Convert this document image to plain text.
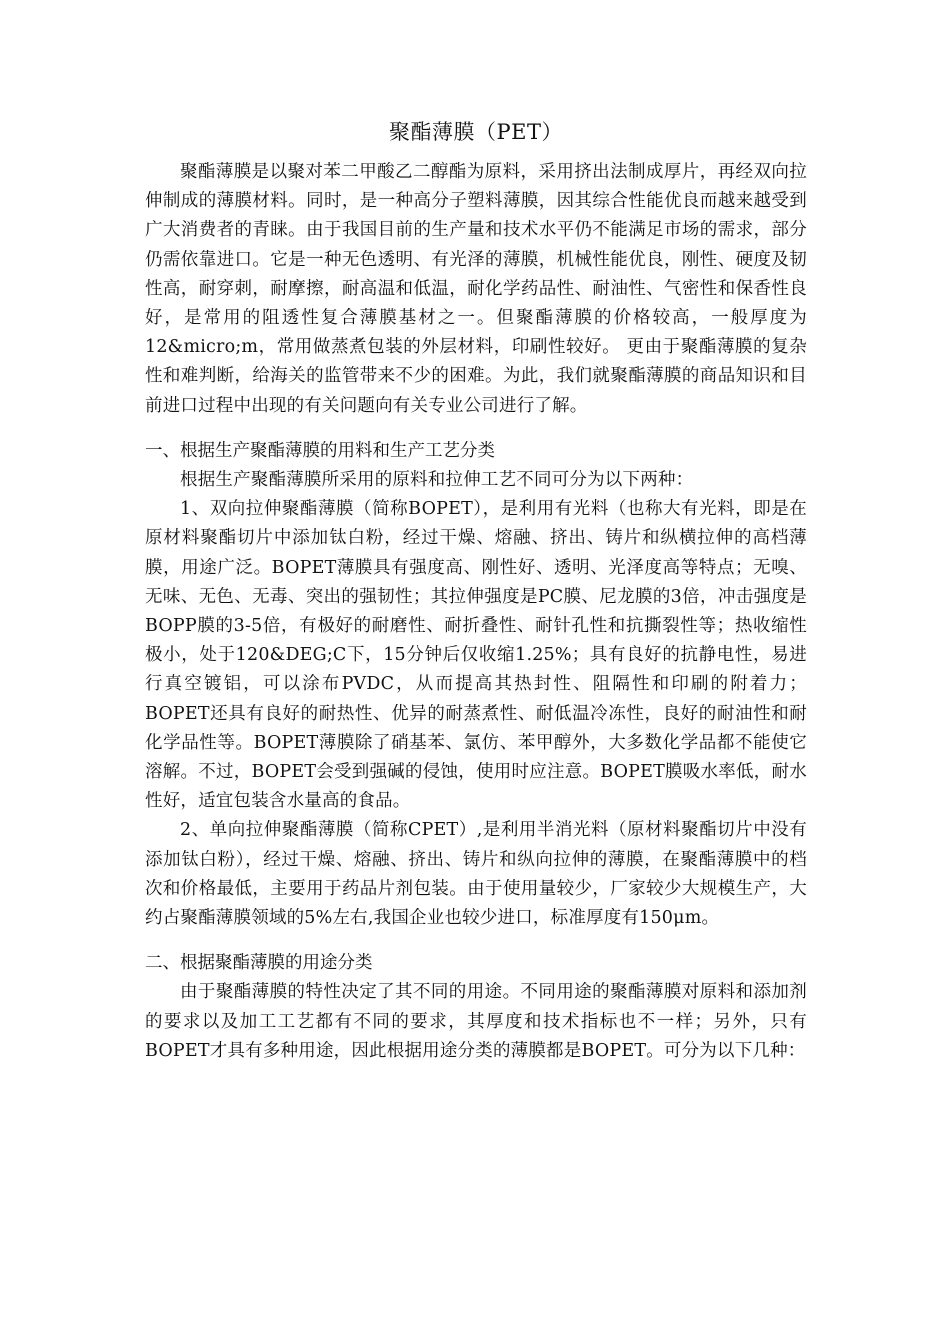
聚酯薄膜（PET）

聚酯薄膜是以聚对苯二甲酸乙二醇酯为原料，采用挤出法制成厚片，再经双向拉伸制成的薄膜材料。同时，是一种高分子塑料薄膜，因其综合性能优良而越来越受到广大消费者的青睐。由于我国目前的生产量和技术水平仍不能满足市场的需求，部分仍需依靠进口。它是一种无色透明、有光泽的薄膜，机械性能优良，刚性、硬度及韧性高，耐穿刺，耐摩擦，耐高温和低温，耐化学药品性、耐油性、气密性和保香性良好，是常用的阻透性复合薄膜基材之一。但聚酯薄膜的价格较高，一般厚度为12&micro;m，常用做蒸煮包装的外层材料，印刷性较好。 更由于聚酯薄膜的复杂性和难判断，给海关的监管带来不少的困难。为此，我们就聚酯薄膜的商品知识和目前进口过程中出现的有关问题向有关专业公司进行了解。

一、根据生产聚酯薄膜的用料和生产工艺分类

根据生产聚酯薄膜所采用的原料和拉伸工艺不同可分为以下两种：

1、双向拉伸聚酯薄膜（简称BOPET），是利用有光料（也称大有光料，即是在原材料聚酯切片中添加钛白粉，经过干燥、熔融、挤出、铸片和纵横拉伸的高档薄膜，用途广泛。BOPET薄膜具有强度高、刚性好、透明、光泽度高等特点；无嗅、无味、无色、无毒、突出的强韧性；其拉伸强度是PC膜、尼龙膜的3倍，冲击强度是BOPP膜的3-5倍，有极好的耐磨性、耐折叠性、耐针孔性和抗撕裂性等；热收缩性极小，处于120&DEG;C下，15分钟后仅收缩1.25%；具有良好的抗静电性，易进行真空镀铝，可以涂布PVDC，从而提高其热封性、阻隔性和印刷的附着力；BOPET还具有良好的耐热性、优异的耐蒸煮性、耐低温冷冻性，良好的耐油性和耐化学品性等。BOPET薄膜除了硝基苯、氯仿、苯甲醇外，大多数化学品都不能使它溶解。不过，BOPET会受到强碱的侵蚀，使用时应注意。BOPET膜吸水率低，耐水性好，适宜包装含水量高的食品。

2、单向拉伸聚酯薄膜（简称CPET）,是利用半消光料（原材料聚酯切片中没有添加钛白粉），经过干燥、熔融、挤出、铸片和纵向拉伸的薄膜，在聚酯薄膜中的档次和价格最低，主要用于药品片剂包装。由于使用量较少，厂家较少大规模生产，大约占聚酯薄膜领域的5%左右,我国企业也较少进口，标准厚度有150μm。

二、根据聚酯薄膜的用途分类

由于聚酯薄膜的特性决定了其不同的用途。不同用途的聚酯薄膜对原料和添加剂的要求以及加工工艺都有不同的要求，其厚度和技术指标也不一样；另外，只有BOPET才具有多种用途，因此根据用途分类的薄膜都是BOPET。可分为以下几种：
